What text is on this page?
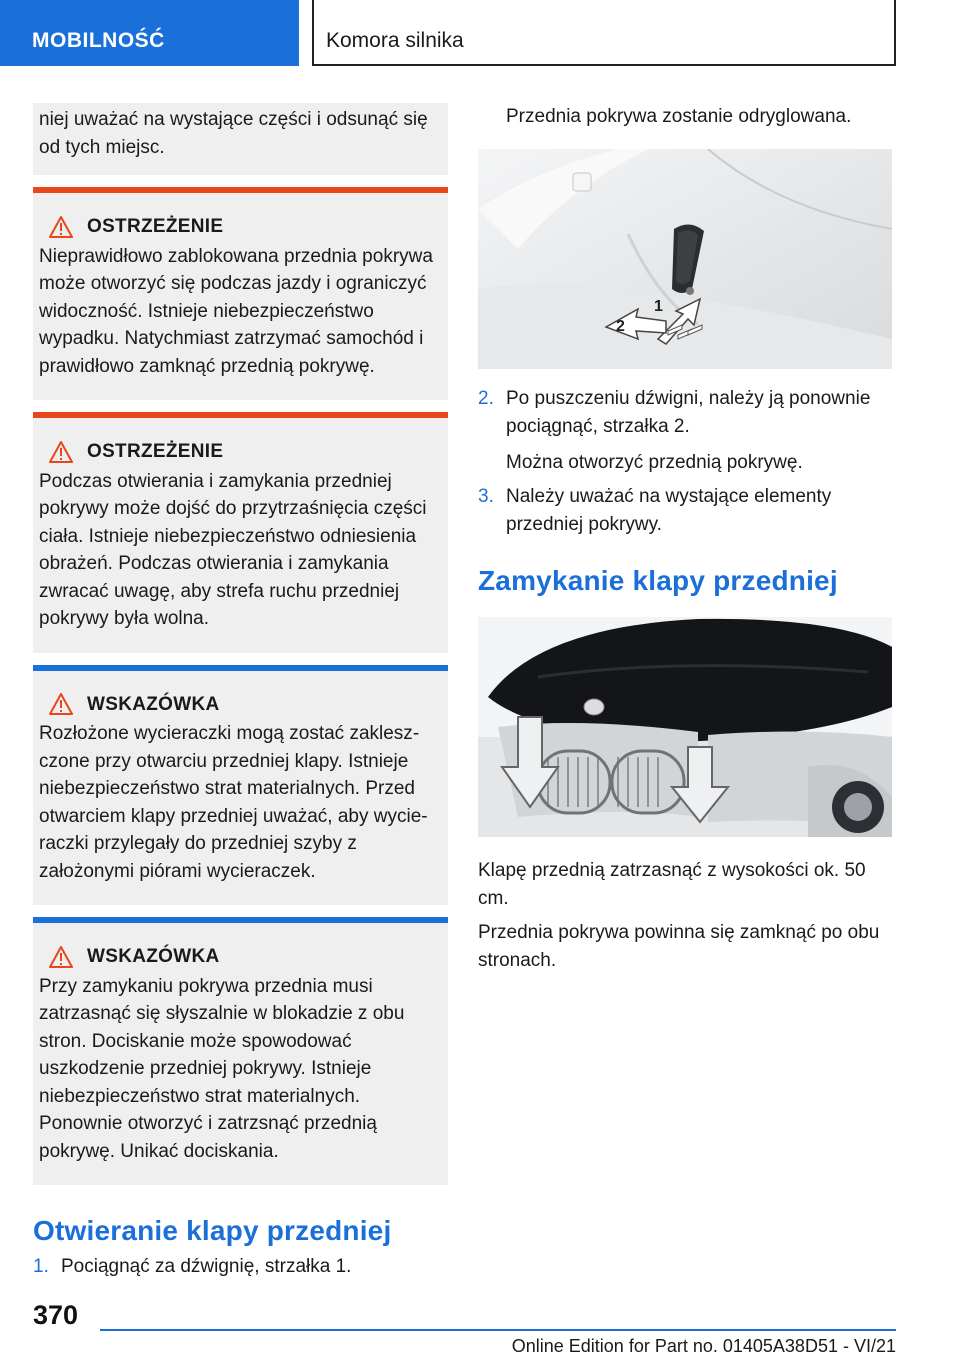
MOBILNOŚĆ	Komora silnika
niej uważać na wystające części i odsunąć się od tych miejsc.
OSTRZEŻENIE
Nieprawidłowo zablokowana przednia pokrywa może otworzyć się podczas jazdy i ograniczyć widoczność. Istnieje niebezpieczeństwo wypadku. Natychmiast zatrzymać samochód i prawidłowo zamknąć przednią pokrywę.
OSTRZEŻENIE
Podczas otwierania i zamykania przedniej pokrywy może dojść do przytrzaśnięcia części ciała. Istnieje niebezpieczeństwo odniesienia obrażeń. Podczas otwierania i zamykania zwracać uwagę, aby strefa ruchu przedniej pokrywy była wolna.
WSKAZÓWKA
Rozłożone wycieraczki mogą zostać zakleszczone przy otwarciu przedniej klapy. Istnieje niebezpieczeństwo strat materialnych. Przed otwarciem klapy przedniej uważać, aby wycieraczki przylegały do przedniej szyby z założonymi piórami wycieraczek.
WSKAZÓWKA
Przy zamykaniu pokrywa przednia musi zatrzasnąć się słyszalnie w blokadzie z obu stron. Dociskanie może spowodować uszkodzenie przedniej pokrywy. Istnieje niebezpieczeństwo strat materialnych. Ponownie otworzyć i zatrzsnąć przednią pokrywę. Unikać dociskania.
Otwieranie klapy przedniej
1. Pociągnąć za dźwignię, strzałka 1.
Przednia pokrywa zostanie odryglowana.
1
2
2. Po puszczeniu dźwigni, należy ją ponownie pociągnąć, strzałka 2.
Można otworzyć przednią pokrywę.
3. Należy uważać na wystające elementy przedniej pokrywy.
Zamykanie klapy przedniej
Klapę przednią zatrzasnąć z wysokości ok. 50 cm.
Przednia pokrywa powinna się zamknąć po obu stronach.
370
Online Edition for Part no. 01405A38D51 - VI/21
